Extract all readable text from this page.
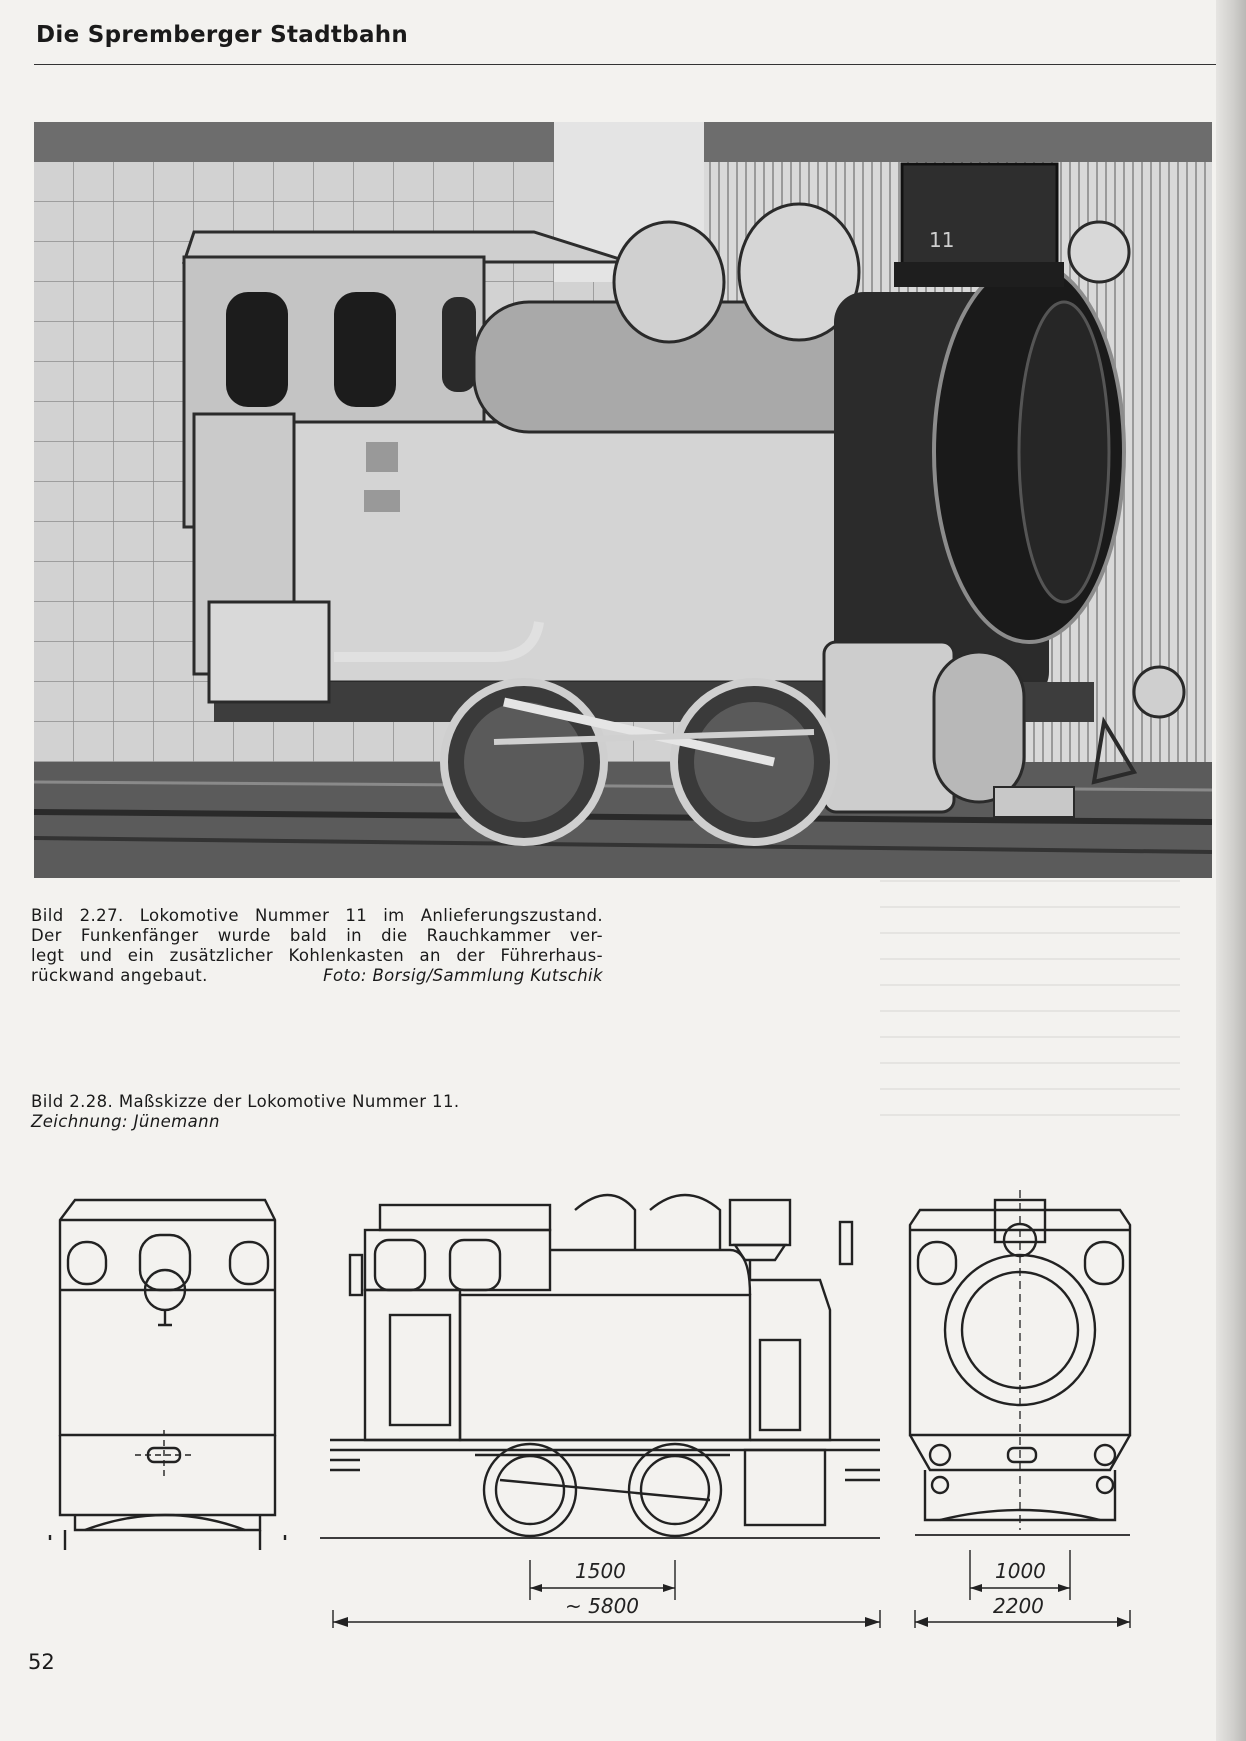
Die Spremberger Stadtbahn
11
Bild 2.27. Lokomotive Nummer 11 im Anlieferungszustand.
Der Funkenfänger wurde bald in die Rauchkammer ver-
legt und ein zusätzlicher Kohlenkasten an der Führerhaus-
rückwand angebaut.	Foto: Borsig/Sammlung Kutschik
Bild 2.28. Maßskizze der Lokomotive Nummer 11.
Zeichnung: Jünemann
1500
~ 5800
1000
2200
52
